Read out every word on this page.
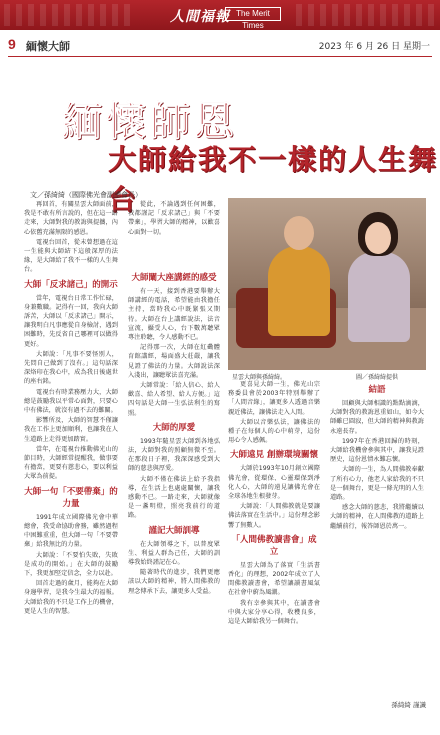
人間福報 The Merit Times
9 緬懷大師	2023 年 6 月 26 日 星期一
緬懷師恩
大師給我不一樣的人生舞台
文／孫綺綺（國際佛光會副總會長）

再回首，有關星雲大師面前，我是不敢有所言說的，但在這一路走來，大師對我的教誨與提攜，內心依舊充滿無限的感恩。

電視台回首，從未曾想過在這一生能與大師結下這般深厚的法緣，是大師給了我不一樣的人生舞台。

大師「反求諸己」的開示

當年，電視台日常工作忙碌，身兼數職。記得有一回，我向大師訴苦，大師以「反求諸己」開示，讓我明白凡事應從自身檢討，遇到困難時，先反省自己哪裡可以做得更好。

大師說：「凡事不要怪別人，先問自己做到了沒有。」這句話深深烙印在我心中，成為我日後處世的座右銘。

電視台有時業務壓力大，大師總是鼓勵我以平常心面對，只要心中有佛法，就沒有過不去的難關。

影響所及，大師的智慧不僅讓我在工作上更加順利，也讓我在人生道路上走得更加踏實。

當年，在電視台推動佛光山的節目時，大師經常提醒我，做事要有擔當，更要有慈悲心，要以利益大眾為前提。

大師一句「不要帶棄」的力量

1991年成立國際佛光會中華總會，我受命協助會務，雖然過程中困難重重，但大師一句「不要帶棄」給我無比的力量。

大師說：「不要怕失敗，失敗是成功的開始。」在大師的鼓勵下，我更加堅定信念，全力以赴。

回首走過的歲月，能夠在大師身邊學習，是我今生最大的福報。大師給我的不只是工作上的機會，更是人生的智慧。

從此，不論遇到任何困難，我都謹記「反求諸己」與「不要帶棄」，學習大師的精神，以歡喜心面對一切。

大師闡大座講經的感受

有一天，接到香港要舉辦大師講經的電話，希望能由我擔任主持，當時我心中既緊張又期待。大師在台上講經說法，法音宣流，攝受人心，台下數萬聽眾專注聆聽，令人感動不已。

記得那一次，大師在紅磡體育館講經，場面盛大莊嚴，讓我見證了佛法的力量。大師說法深入淺出，讓聽眾法喜充滿。

大師常說：「給人信心、給人歡喜、給人希望、給人方便。」這四句話是大師一生弘法利生的寫照。

大師的厚愛

1993年隨星雲大師到各地弘法，大師對我的照顧無微不至。在那段日子裡，我深深感受到大師的慈悲與厚愛。

大師不僅在佛法上給予我指導，在生活上也處處關懷，讓我感動不已。一路走來，大師就像是一盞明燈，照亮我前行的道路。

謹記大師訓導

在大師領導之下，以普度眾生、利益人群為己任，大師的訓導我始終謹記在心。

隨著時代的進步，我們更應該以大師的精神，將人間佛教的理念傳承下去，讓更多人受益。

星雲大師與孫綺綺。	圖／孫綺綺提供

更喜見大師一生，佛光山宗務委員會於2003年特別舉辦了「人間音緣」，讓更多人透過音樂親近佛法，讓佛法走入人間。

大師以音樂弘法，讓佛法的種子在每個人的心中萌芽，這份用心令人感佩。

大師遠見 創辦環境關懷

大師於1993年10月創立國際佛光會，從環保、心靈環保到淨化人心，大師的遠見讓佛光會在全球各地生根發芽。

大師說：「人間佛教就是要讓佛法落實在生活中。」這份理念影響了無數人。

「人間佛教讀書會」成立

星雲大師為了落實「生活書香化」的理想，2002年成立了人間佛教讀書會，希望讓讀書風氣在社會中蔚為風潮。

我有幸參與其中，在讀書會中與大家分享心得，收穫良多，這是大師給我另一個舞台。

結語

回顧與大師相識的點點滴滴，大師對我的教誨恩重如山，如今大師雖已圓寂，但大師的精神與教誨永遠長存。

1997年在香港回歸的時刻，大師給我機會參與其中，讓我見證歷史，這份恩情永難忘懷。

大師的一生，為人間佛教奉獻了所有心力，他老人家給我的不只是一個舞台，更是一條光明的人生道路。

感念大師的慈悲，我將繼續以大師的精神，在人間佛教的道路上繼續前行，報答師恩於萬一。

孫綺綺 謹識
